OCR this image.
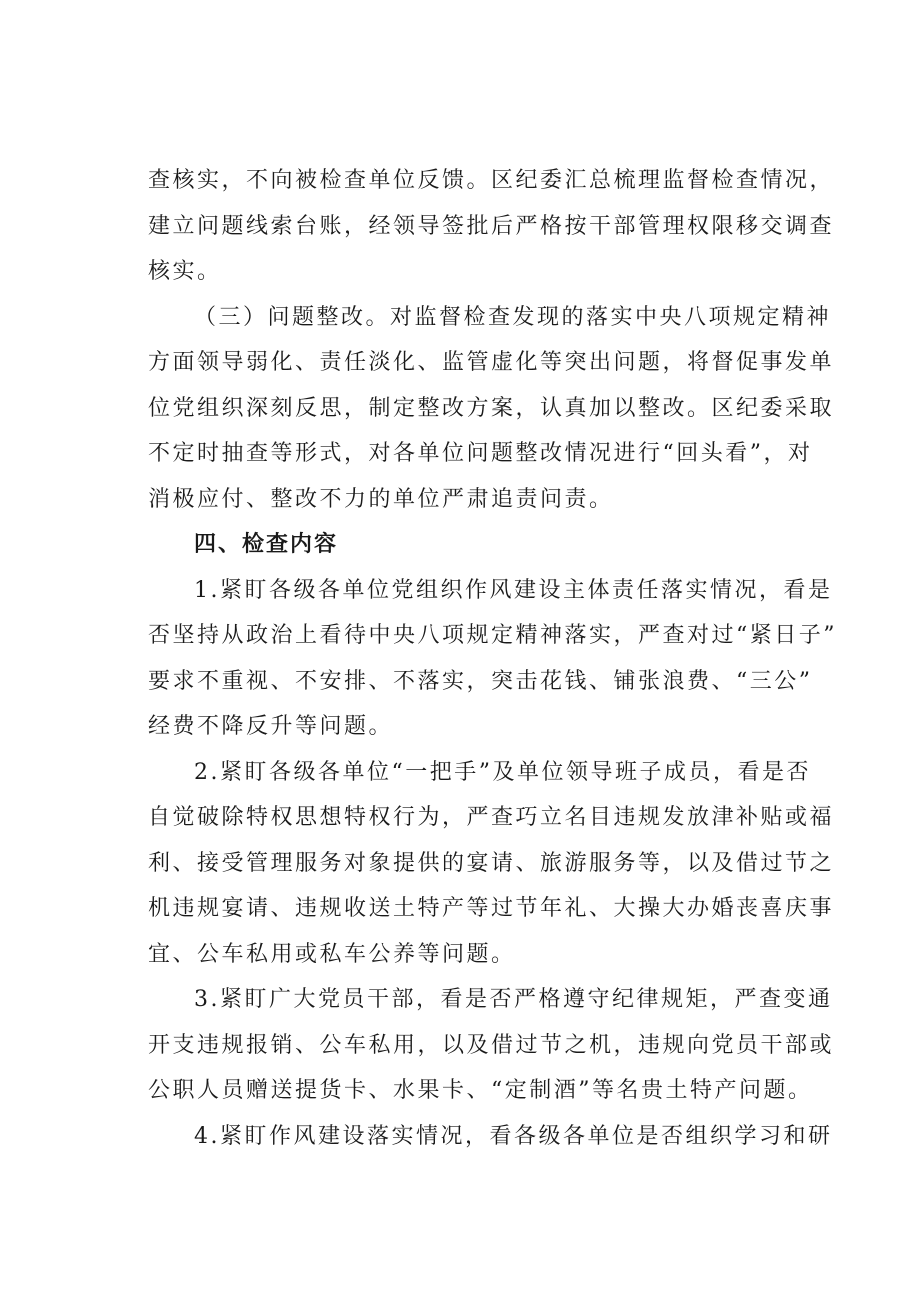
查核实，不向被检查单位反馈。区纪委汇总梳理监督检查情况，
建立问题线索台账，经领导签批后严格按干部管理权限移交调查
核实。
（三）问题整改。对监督检查发现的落实中央八项规定精神
方面领导弱化、责任淡化、监管虚化等突出问题，将督促事发单
位党组织深刻反思，制定整改方案，认真加以整改。区纪委采取
不定时抽查等形式，对各单位问题整改情况进行“回头看”，对
消极应付、整改不力的单位严肃追责问责。
四、检查内容
1.紧盯各级各单位党组织作风建设主体责任落实情况，看是
否坚持从政治上看待中央八项规定精神落实，严查对过“紧日子”
要求不重视、不安排、不落实，突击花钱、铺张浪费、“三公”
经费不降反升等问题。
2.紧盯各级各单位“一把手”及单位领导班子成员，看是否
自觉破除特权思想特权行为，严查巧立名目违规发放津补贴或福
利、接受管理服务对象提供的宴请、旅游服务等，以及借过节之
机违规宴请、违规收送土特产等过节年礼、大操大办婚丧喜庆事
宜、公车私用或私车公养等问题。
3.紧盯广大党员干部，看是否严格遵守纪律规矩，严查变通
开支违规报销、公车私用，以及借过节之机，违规向党员干部或
公职人员赠送提货卡、水果卡、“定制酒”等名贵土特产问题。
4.紧盯作风建设落实情况，看各级各单位是否组织学习和研
